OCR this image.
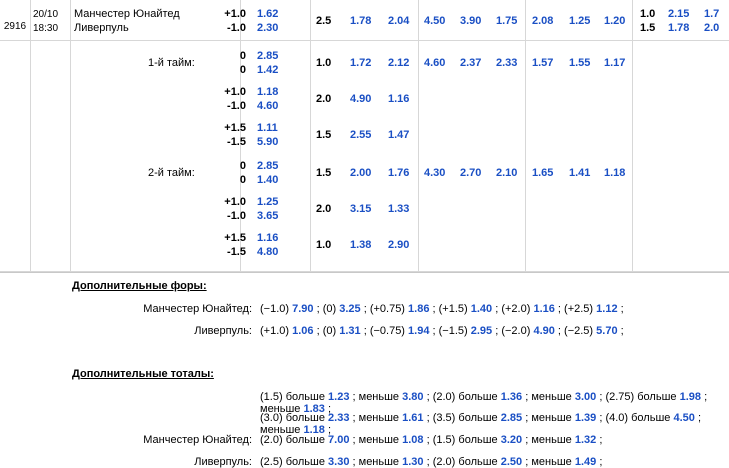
2916
20/10
18:30
Манчестер Юнайтед
Ливерпуль
1-й тайм:
2-й тайм:
+1.0 1.62
-1.0 2.30
2.5 1.78 2.04 4.50 3.90 1.75 2.08 1.25 1.20
1.0 2.15 1.7
1.5 1.78 2.0
0 2.85
0 1.42
1.0 1.72 2.12 4.60 2.37 2.33 1.57 1.55 1.17
+1.0 1.18
-1.0 4.60
2.0 4.90 1.16
+1.5 1.11
-1.5 5.90
1.5 2.55 1.47
0 2.85
0 1.40
1.5 2.00 1.76 4.30 2.70 2.10 1.65 1.41 1.18
+1.0 1.25
-1.0 3.65
2.0 3.15 1.33
+1.5 1.16
-1.5 4.80
1.0 1.38 2.90
Дополнительные форы:
Манчестер Юнайтед: (−1.0) 7.90 ; (0) 3.25 ; (+0.75) 1.86 ; (+1.5) 1.40 ; (+2.0) 1.16 ; (+2.5) 1.12 ;
Ливерпуль: (+1.0) 1.06 ; (0) 1.31 ; (−0.75) 1.94 ; (−1.5) 2.95 ; (−2.0) 4.90 ; (−2.5) 5.70 ;
Дополнительные тоталы:
(1.5) больше 1.23 ; меньше 3.80 ; (2.0) больше 1.36 ; меньше 3.00 ; (2.75) больше 1.98 ; меньше 1.83 ;
(3.0) больше 2.33 ; меньше 1.61 ; (3.5) больше 2.85 ; меньше 1.39 ; (4.0) больше 4.50 ; меньше 1.18 ;
Манчестер Юнайтед: (2.0) больше 7.00 ; меньше 1.08 ; (1.5) больше 3.20 ; меньше 1.32 ;
Ливерпуль: (2.5) больше 3.30 ; меньше 1.30 ; (2.0) больше 2.50 ; меньше 1.49 ;
